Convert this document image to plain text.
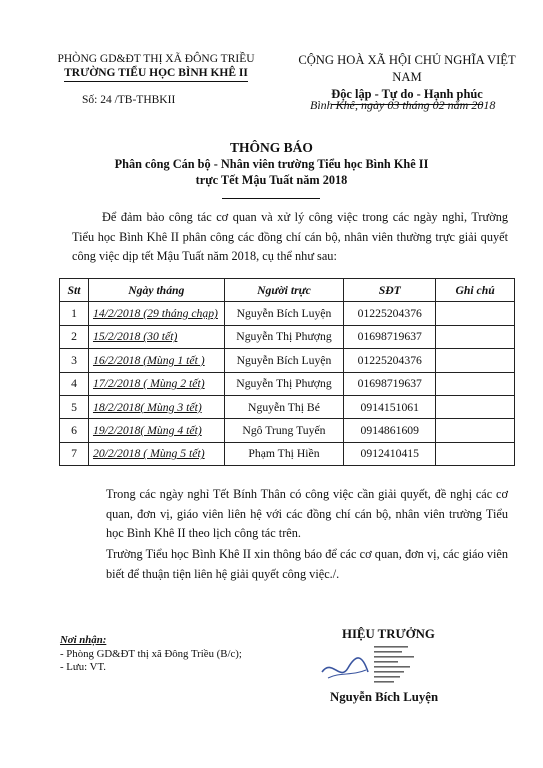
PHÒNG GD&ĐT THỊ XÃ ĐÔNG TRIỀU
TRƯỜNG TIỂU HỌC BÌNH KHÊ II
CỘNG HOÀ XÃ HỘI CHỦ NGHĨA VIỆT NAM
Độc lập - Tự do - Hạnh phúc
Số: 24 /TB-THBKII	Bình Khê, ngày 03 tháng 02 năm 2018
THÔNG BÁO
Phân công Cán bộ - Nhân viên trường Tiểu học Bình Khê II
trực Tết Mậu Tuất năm 2018
Để đảm bảo công tác cơ quan và xử lý công việc trong các ngày nghỉ, Trường Tiểu học Bình Khê II phân công các đồng chí cán bộ, nhân viên thường trực giải quyết công việc dịp tết Mậu Tuất năm 2018, cụ thể như sau:
Stt	Ngày tháng	Người trực	SĐT	Ghi chú
1	14/2/2018 (29 tháng chạp)	Nguyễn Bích Luyện	01225204376	
2	15/2/2018 (30 tết)	Nguyễn Thị Phượng	01698719637	
3	16/2/2018 (Mùng 1 tết )	Nguyễn Bích Luyện	01225204376	
4	17/2/2018 ( Mùng 2 tết)	Nguyễn Thị Phượng	01698719637	
5	18/2/2018( Mùng 3 tết)	Nguyễn Thị Bé	0914151061	
6	19/2/2018( Mùng 4 tết)	Ngô Trung Tuyến	0914861609	
7	20/2/2018 ( Mùng 5 tết)	Phạm Thị Hiền	0912410415	
Trong các ngày nghỉ Tết Bính Thân có công việc cần giải quyết, đề nghị các cơ quan, đơn vị, giáo viên liên hệ với các đồng chí cán bộ, nhân viên trường Tiểu học Bình Khê II theo lịch công tác trên.
Trường Tiểu học Bình Khê II xin thông báo để các cơ quan, đơn vị, các giáo viên biết để thuận tiện liên hệ giải quyết công việc./.
Nơi nhận:
- Phòng GD&ĐT thị xã Đông Triều (B/c);
- Lưu: VT.
HIỆU TRƯỞNG
Nguyễn Bích Luyện
